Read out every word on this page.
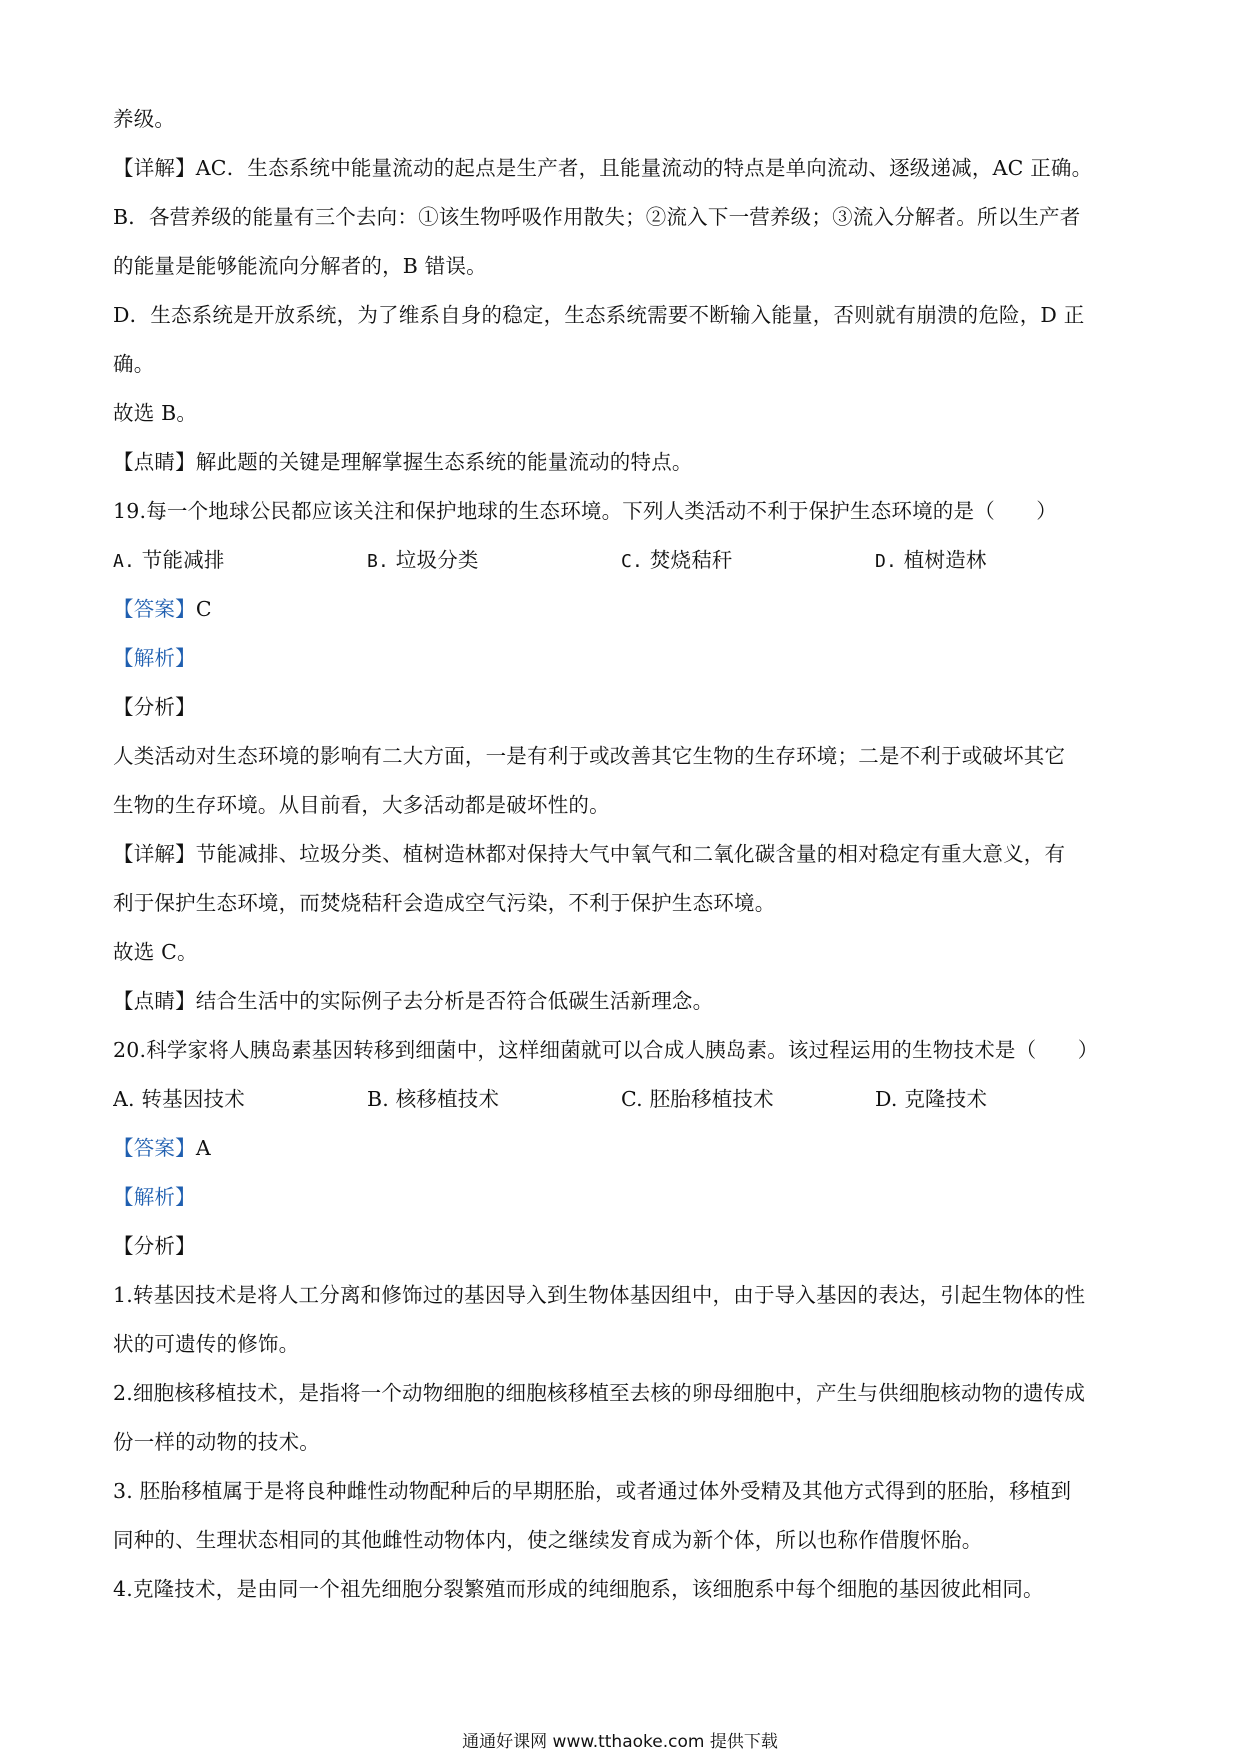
养级。
【详解】AC．生态系统中能量流动的起点是生产者，且能量流动的特点是单向流动、逐级递减，AC 正确。
B．各营养级的能量有三个去向：①该生物呼吸作用散失；②流入下一营养级；③流入分解者。所以生产者
的能量是能够能流向分解者的，B 错误。
D．生态系统是开放系统，为了维系自身的稳定，生态系统需要不断输入能量，否则就有崩溃的危险，D 正
确。
故选 B。
【点睛】解此题的关键是理解掌握生态系统的能量流动的特点。
19.每一个地球公民都应该关注和保护地球的生态环境。下列人类活动不利于保护生态环境的是（　　）
A. 节能减排	B. 垃圾分类	C. 焚烧秸秆	D. 植树造林
【答案】C
【解析】
【分析】
人类活动对生态环境的影响有二大方面，一是有利于或改善其它生物的生存环境；二是不利于或破坏其它
生物的生存环境。从目前看，大多活动都是破坏性的。
【详解】节能减排、垃圾分类、植树造林都对保持大气中氧气和二氧化碳含量的相对稳定有重大意义，有
利于保护生态环境，而焚烧秸秆会造成空气污染，不利于保护生态环境。
故选 C。
【点睛】结合生活中的实际例子去分析是否符合低碳生活新理念。
20.科学家将人胰岛素基因转移到细菌中，这样细菌就可以合成人胰岛素。该过程运用的生物技术是（　　）
A. 转基因技术	B. 核移植技术	C. 胚胎移植技术	D. 克隆技术
【答案】A
【解析】
【分析】
1.转基因技术是将人工分离和修饰过的基因导入到生物体基因组中，由于导入基因的表达，引起生物体的性
状的可遗传的修饰。
2.细胞核移植技术，是指将一个动物细胞的细胞核移植至去核的卵母细胞中，产生与供细胞核动物的遗传成
份一样的动物的技术。
3. 胚胎移植属于是将良种雌性动物配种后的早期胚胎，或者通过体外受精及其他方式得到的胚胎，移植到
同种的、生理状态相同的其他雌性动物体内，使之继续发育成为新个体，所以也称作借腹怀胎。
4.克隆技术，是由同一个祖先细胞分裂繁殖而形成的纯细胞系，该细胞系中每个细胞的基因彼此相同。
通通好课网 www.tthaoke.com 提供下载
